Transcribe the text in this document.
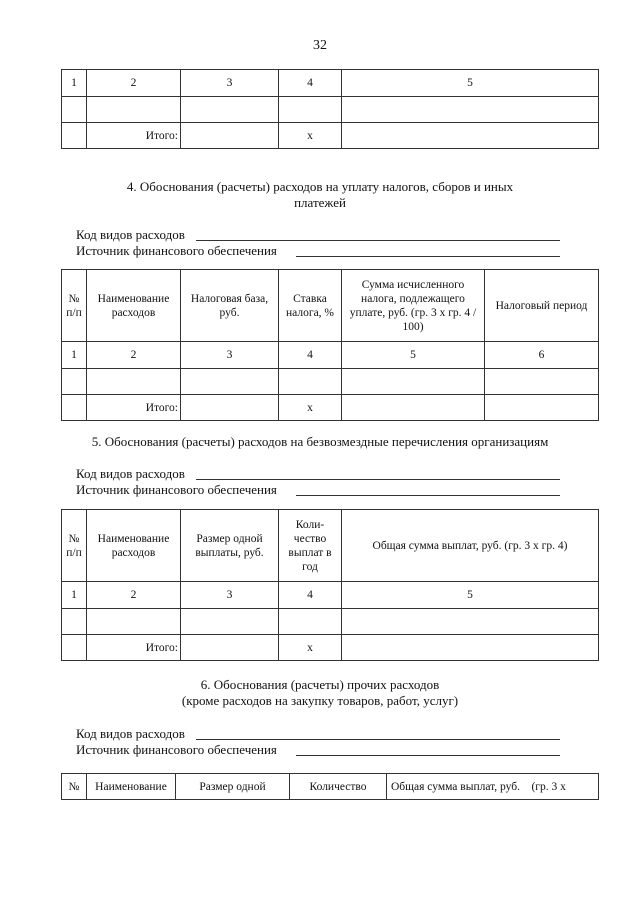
32
1	2	3	4	5

	Итого:		х	
4. Обоснования (расчеты) расходов на уплату налогов, сборов и иных
платежей
Код видов расходов
Источник финансового обеспечения
№ п/п	Наименование расходов	Налоговая база, руб.	Ставка налога, %	Сумма исчисленного налога, подлежащего уплате, руб. (гр. 3 х гр. 4 / 100)	Налоговый период
1	2	3	4	5	6

	Итого:		х		
5. Обоснования (расчеты) расходов на безвозмездные перечисления организациям
Код видов расходов
Источник финансового обеспечения
№ п/п	Наименование расходов	Размер одной выплаты, руб.	Коли-чество выплат в год	Общая сумма выплат, руб. (гр. 3 х гр. 4)
1	2	3	4	5

	Итого:		х	
6. Обоснования (расчеты) прочих расходов
(кроме расходов на закупку товаров, работ, услуг)
Код видов расходов
Источник финансового обеспечения
№	Наименование	Размер одной	Количество	Общая сумма выплат, руб.    (гр. 3 х
